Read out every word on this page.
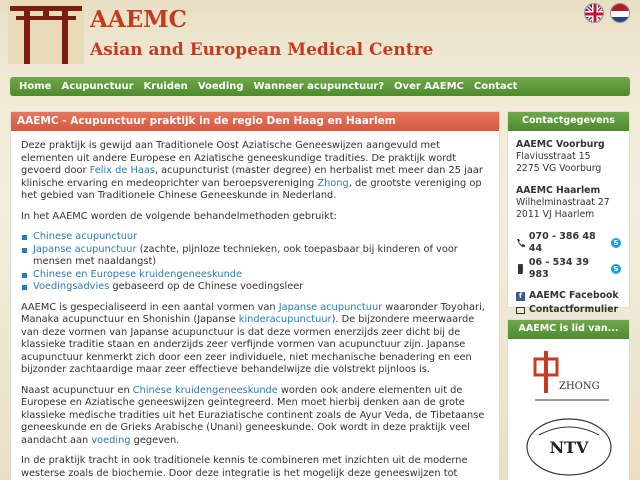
AAEMC
Asian and European Medical Centre
Home	Acupunctuur	Kruiden	Voeding	Wanneer acupunctuur?	Over AAEMC	Contact
AAEMC - Acupunctuur praktijk in de regio Den Haag en Haarlem

Deze praktijk is gewijd aan Traditionele Oost Aziatische Geneeswijzen aangevuld met elementen uit andere Europese en Aziatische geneeskundige tradities. De praktijk wordt gevoerd door Felix de Haas, acupuncturist (master degree) en herbalist met meer dan 25 jaar klinische ervaring en medeoprichter van beroepsvereniging Zhong, de grootste vereniging op het gebied van Traditionele Chinese Geneeskunde in Nederland.

In het AAEMC worden de volgende behandelmethoden gebruikt:

Chinese acupunctuur
Japanse acupunctuur (zachte, pijnloze technieken, ook toepasbaar bij kinderen of voor mensen met naaldangst)
Chinese en Europese kruidengeneeskunde
Voedingsadvies gebaseerd op de Chinese voedingsleer

AAEMC is gespecialiseerd in een aantal vormen van Japanse acupunctuur waaronder Toyohari, Manaka acupunctuur en Shonishin (Japanse kinderacupunctuur). De bijzondere meerwaarde van deze vormen van Japanse acupunctuur is dat deze vormen enerzijds zeer dicht bij de klassieke traditie staan en anderzijds zeer verfijnde vormen van acupunctuur zijn. Japanse acupunctuur kenmerkt zich door een zeer individuele, niet mechanische benadering en een bijzonder zachtaardige maar zeer effectieve behandelwijze die volstrekt pijnloos is.

Naast acupunctuur en Chinese kruidengeneeskunde worden ook andere elementen uit de Europese en Aziatische geneeswijzen geïntegreerd. Men moet hierbij denken aan de grote klassieke medische tradities uit het Euraziatische continent zoals de Ayur Veda, de Tibetaanse geneeskunde en de Grieks Arabische (Unani) geneeskunde. Ook wordt in deze praktijk veel aandacht aan voeding gegeven.

In de praktijk tracht in ook traditionele kennis te combineren met inzichten uit de moderne westerse zoals de biochemie. Door deze integratie is het mogelijk deze geneeswijzen tot

Contactgegevens
AAEMC Voorburg
Flaviusstraat 15
2275 VG Voorburg
AAEMC Haarlem
Wilhelminastraat 27
2011 VJ Haarlem
070 - 386 48 44	S
06 - 534 39 983	S
f AAEMC Facebook
Contactformulier
AAEMC is lid van...
ZHONG

NTV
